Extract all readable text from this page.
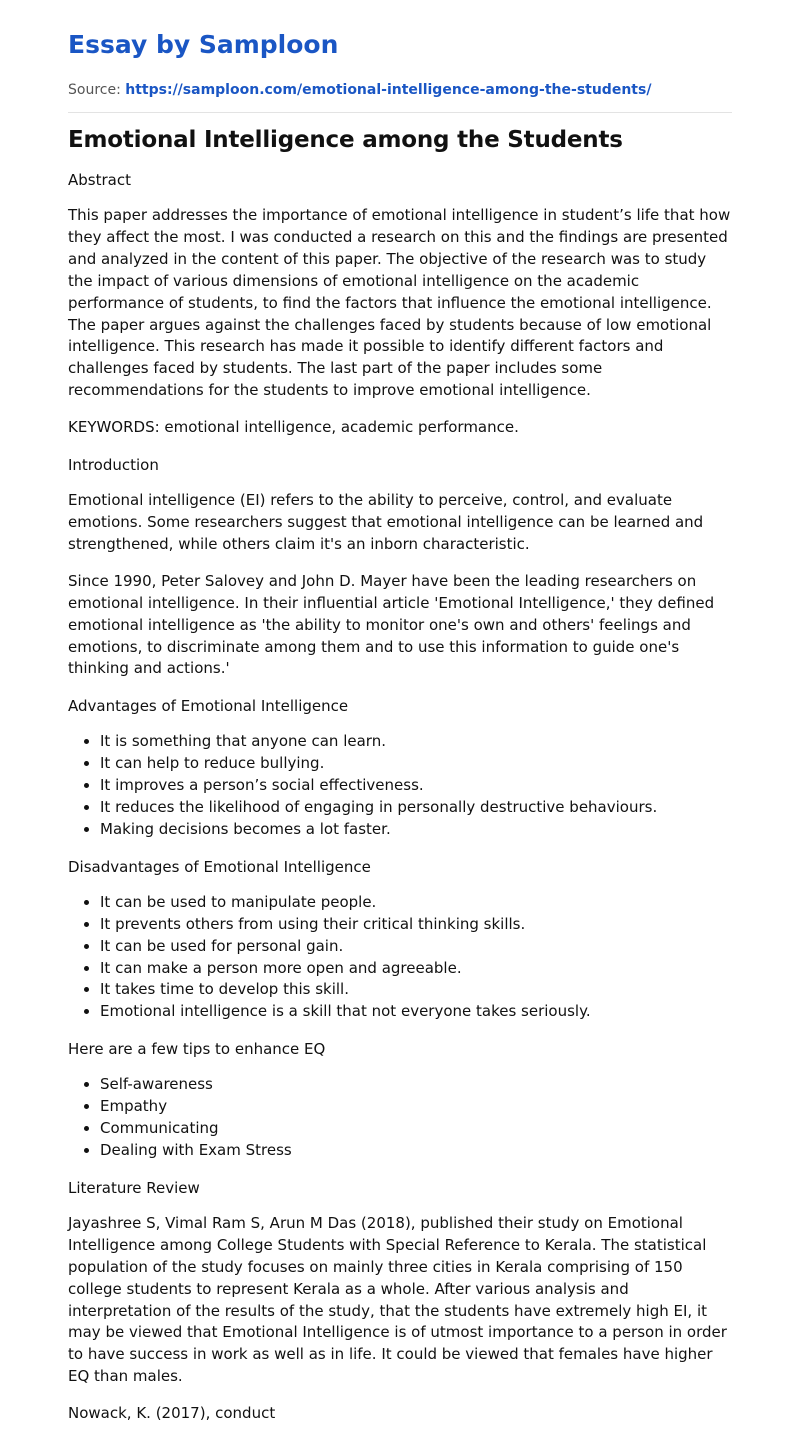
Essay by Samploon
Source: https://samploon.com/emotional-intelligence-among-the-students/
Emotional Intelligence among the Students
Abstract

This paper addresses the importance of emotional intelligence in student’s life that how they affect the most. I was conducted a research on this and the findings are presented and analyzed in the content of this paper. The objective of the research was to study the impact of various dimensions of emotional intelligence on the academic performance of students, to find the factors that influence the emotional intelligence. The paper argues against the challenges faced by students because of low emotional intelligence. This research has made it possible to identify different factors and challenges faced by students. The last part of the paper includes some recommendations for the students to improve emotional intelligence.

KEYWORDS: emotional intelligence, academic performance.

Introduction

Emotional intelligence (EI) refers to the ability to perceive, control, and evaluate emotions. Some researchers suggest that emotional intelligence can be learned and strengthened, while others claim it's an inborn characteristic.

Since 1990, Peter Salovey and John D. Mayer have been the leading researchers on emotional intelligence. In their influential article 'Emotional Intelligence,' they defined emotional intelligence as 'the ability to monitor one's own and others' feelings and emotions, to discriminate among them and to use this information to guide one's thinking and actions.'

Advantages of Emotional Intelligence
• It is something that anyone can learn.
• It can help to reduce bullying.
• It improves a person’s social effectiveness.
• It reduces the likelihood of engaging in personally destructive behaviours.
• Making decisions becomes a lot faster.
Disadvantages of Emotional Intelligence
• It can be used to manipulate people.
• It prevents others from using their critical thinking skills.
• It can be used for personal gain.
• It can make a person more open and agreeable.
• It takes time to develop this skill.
• Emotional intelligence is a skill that not everyone takes seriously.
Here are a few tips to enhance EQ
• Self-awareness
• Empathy
• Communicating
• Dealing with Exam Stress
Literature Review

Jayashree S, Vimal Ram S, Arun M Das (2018), published their study on Emotional Intelligence among College Students with Special Reference to Kerala. The statistical population of the study focuses on mainly three cities in Kerala comprising of 150 college students to represent Kerala as a whole. After various analysis and interpretation of the results of the study, that the students have extremely high EI, it may be viewed that Emotional Intelligence is of utmost importance to a person in order to have success in work as well as in life. It could be viewed that females have higher EQ than males.

Nowack, K. (2017), conduct
